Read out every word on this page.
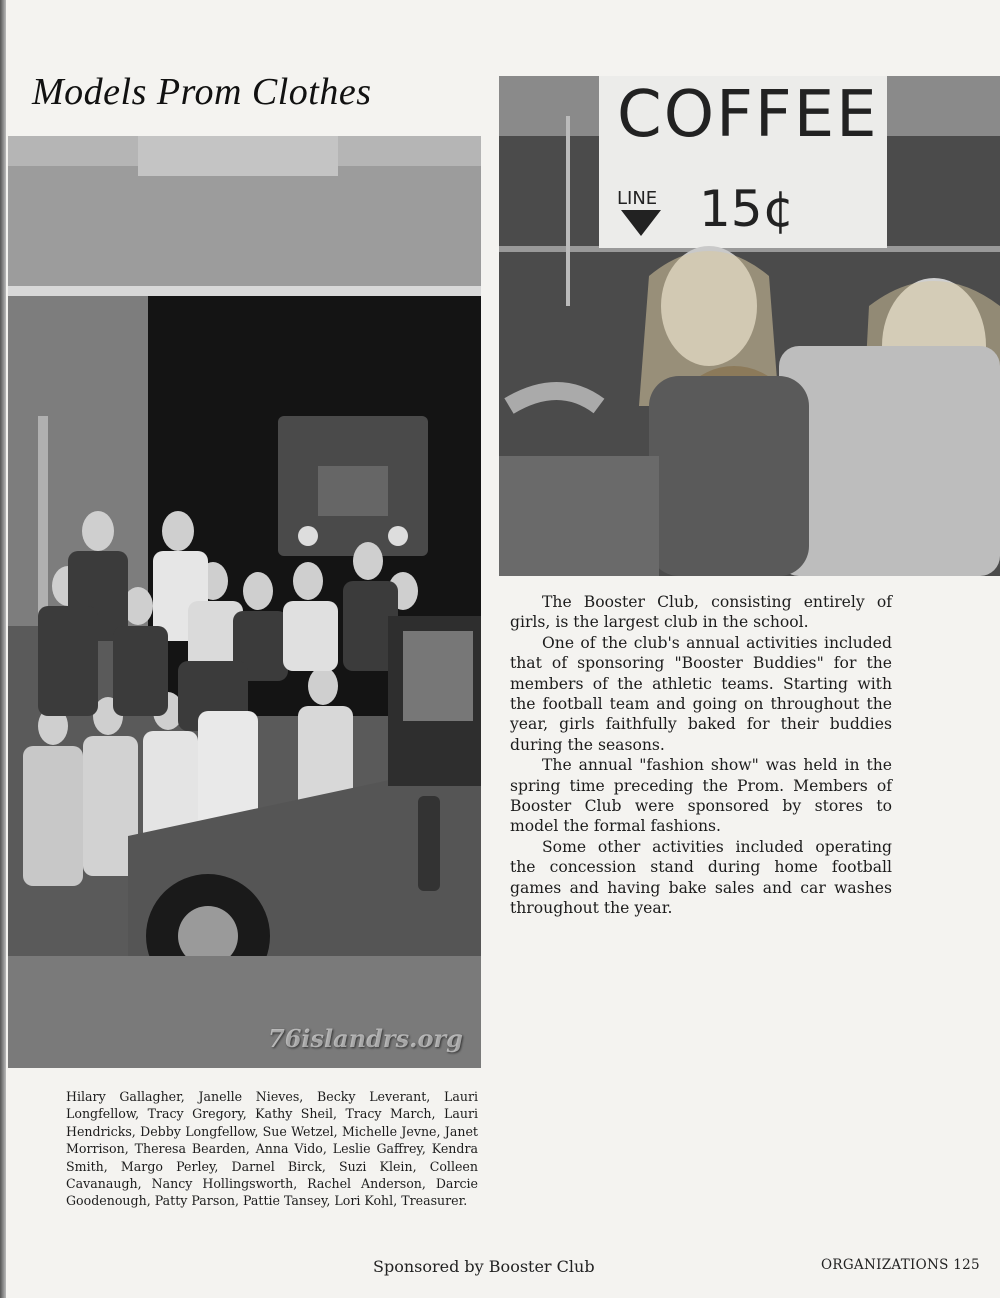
Models Prom Clothes
76islandrs.org
COFFEE
LINE 15¢

The Booster Club, consisting entirely of girls, is the largest club in the school.

One of the club's annual activities included that of sponsoring "Booster Buddies" for the members of the athletic teams. Starting with the football team and going on throughout the year, girls faithfully baked for their buddies during the seasons.

The annual "fashion show" was held in the spring time preceding the Prom. Members of Booster Club were sponsored by stores to model the formal fashions.

Some other activities included operating the concession stand during home football games and having bake sales and car washes throughout the year.

Hilary Gallagher, Janelle Nieves, Becky Leverant, Lauri Longfellow, Tracy Gregory, Kathy Sheil, Tracy March, Lauri Hendricks, Debby Longfellow, Sue Wetzel, Michelle Jevne, Janet Morrison, Theresa Bearden, Anna Vido, Leslie Gaffrey, Kendra Smith, Margo Perley, Darnel Birck, Suzi Klein, Colleen Cavanaugh, Nancy Hollingsworth, Rachel Anderson, Darcie Goodenough, Patty Parson, Pattie Tansey, Lori Kohl, Treasurer.

Sponsored by Booster Club	ORGANIZATIONS 125
